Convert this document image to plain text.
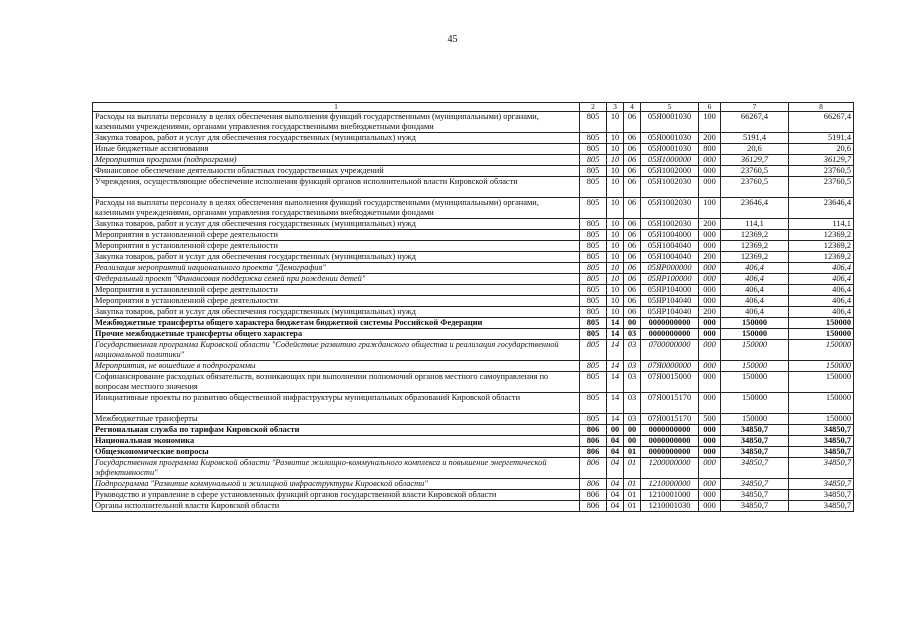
45
1	2	3	4	5	6	7	8
Расходы на выплаты персоналу в целях обеспечения выполнения функций государственными (муниципальными) органами, казенными учреждениями, органами управления государственными внебюджетными фондами	805	10	06	05Я0001030	100	66267,4	66267,4
Закупка товаров, работ и услуг для обеспечения государственных (муниципальных) нужд	805	10	06	05Я0001030	200	5191,4	5191,4
Иные бюджетные ассигнования	805	10	06	05Я0001030	800	20,6	20,6
Мероприятия программ (подпрограмм)	805	10	06	05Я1000000	000	36129,7	36129,7
Финансовое обеспечение деятельности областных государственных учреждений	805	10	06	05Я1002000	000	23760,5	23760,5
Учреждения, осуществляющие обеспечение исполнения функций органов исполнительной власти Кировской области	805	10	06	05Я1002030	000	23760,5	23760,5
Расходы на выплаты персоналу в целях обеспечения выполнения функций государственными (муниципальными) органами, казенными учреждениями, органами управления государственными внебюджетными фондами	805	10	06	05Я1002030	100	23646,4	23646,4
Закупка товаров, работ и услуг для обеспечения государственных (муниципальных) нужд	805	10	06	05Я1002030	200	114,1	114,1
Мероприятия в установленной сфере деятельности	805	10	06	05Я1004000	000	12369,2	12369,2
Мероприятия в установленной сфере деятельности	805	10	06	05Я1004040	000	12369,2	12369,2
Закупка товаров, работ и услуг для обеспечения государственных (муниципальных) нужд	805	10	06	05Я1004040	200	12369,2	12369,2
Реализация мероприятий национального проекта "Демография"	805	10	06	05ЯР000000	000	406,4	406,4
Федеральный проект "Финансовая поддержка семей при рождении детей"	805	10	06	05ЯР100000	000	406,4	406,4
Мероприятия в установленной сфере деятельности	805	10	06	05ЯР104000	000	406,4	406,4
Мероприятия в установленной сфере деятельности	805	10	06	05ЯР104040	000	406,4	406,4
Закупка товаров, работ и услуг для обеспечения государственных (муниципальных) нужд	805	10	06	05ЯР104040	200	406,4	406,4
Межбюджетные трансферты общего характера бюджетам бюджетной системы Российской Федерации	805	14	00	0000000000	000	150000	150000
Прочие межбюджетные трансферты общего характера	805	14	03	0000000000	000	150000	150000
Государственная программа Кировской области "Содействие развитию гражданского общества и реализация государственной национальной политики"	805	14	03	0700000000	000	150000	150000
Мероприятия, не вошедшие в подпрограммы	805	14	03	07Я0000000	000	150000	150000
Софинансирование расходных обязательств, возникающих при выполнении полномочий органов местного самоуправления по вопросам местного значения	805	14	03	07Я0015000	000	150000	150000
Инициативные проекты по развитию общественной инфраструктуры муниципальных образований Кировской области	805	14	03	07Я0015170	000	150000	150000
Межбюджетные трансферты	805	14	03	07Я0015170	500	150000	150000
Региональная служба по тарифам Кировской области	806	00	00	0000000000	000	34850,7	34850,7
Национальная экономика	806	04	00	0000000000	000	34850,7	34850,7
Общеэкономические вопросы	806	04	01	0000000000	000	34850,7	34850,7
Государственная программа Кировской области "Развитие жилищно-коммунального комплекса и повышение энергетической эффективности"	806	04	01	1200000000	000	34850,7	34850,7
Подпрограмма "Развитие коммунальной и жилищной инфраструктуры Кировской области"	806	04	01	1210000000	000	34850,7	34850,7
Руководство и управление в сфере установленных функций органов государственной власти Кировской области	806	04	01	1210001000	000	34850,7	34850,7
Органы исполнительной власти Кировской области	806	04	01	1210001030	000	34850,7	34850,7
